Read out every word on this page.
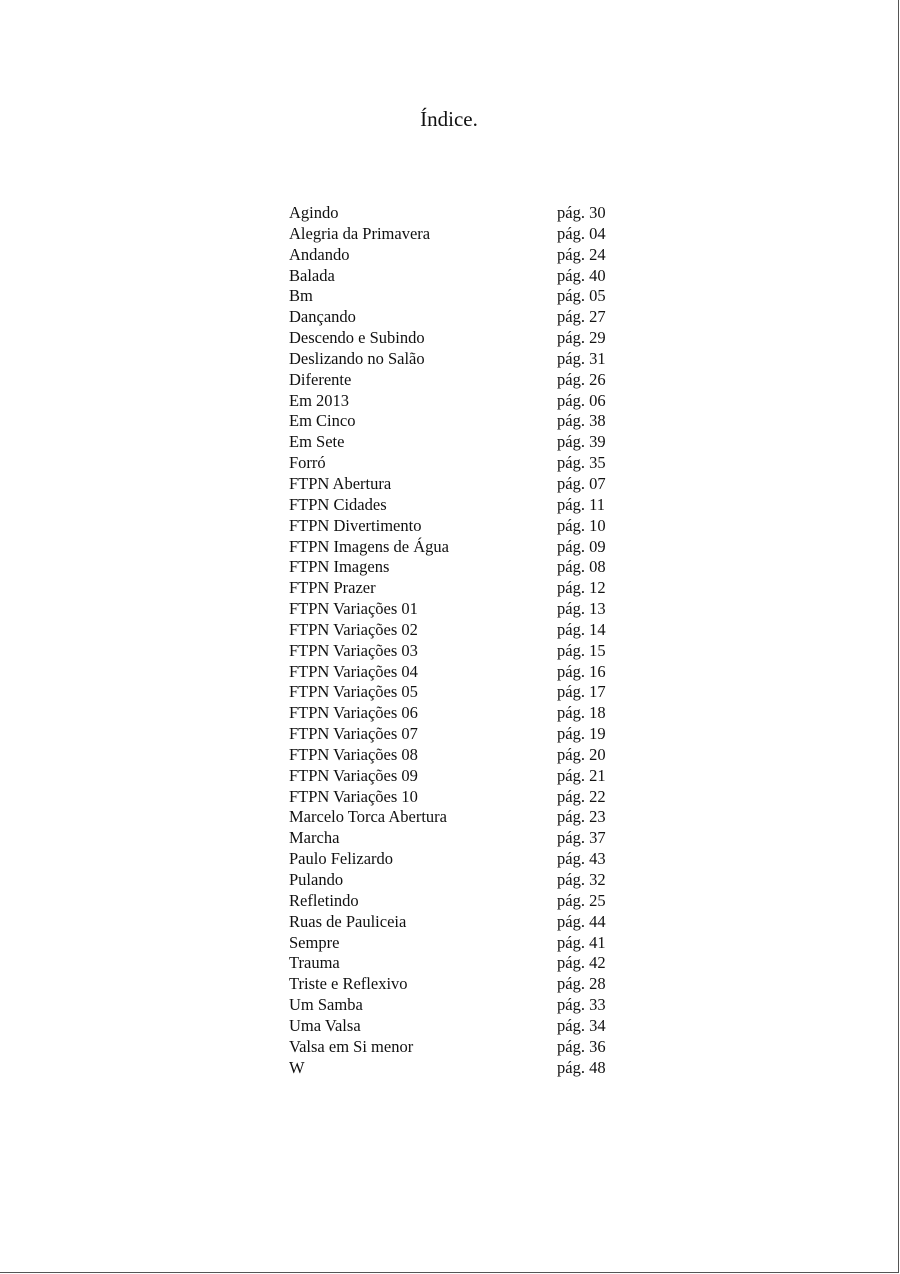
Índice.
Agindo	pág. 30
Alegria da Primavera	pág. 04
Andando	pág. 24
Balada	pág. 40
Bm	pág. 05
Dançando	pág. 27
Descendo e Subindo	pág. 29
Deslizando no Salão	pág. 31
Diferente	pág. 26
Em 2013	pág. 06
Em Cinco	pág. 38
Em Sete	pág. 39
Forró	pág. 35
FTPN Abertura	pág. 07
FTPN Cidades	pág. 11
FTPN Divertimento	pág. 10
FTPN Imagens de Água	pág. 09
FTPN Imagens	pág. 08
FTPN Prazer	pág. 12
FTPN Variações 01	pág. 13
FTPN Variações 02	pág. 14
FTPN Variações 03	pág. 15
FTPN Variações 04	pág. 16
FTPN Variações 05	pág. 17
FTPN Variações 06	pág. 18
FTPN Variações 07	pág. 19
FTPN Variações 08	pág. 20
FTPN Variações 09	pág. 21
FTPN Variações 10	pág. 22
Marcelo Torca Abertura	pág. 23
Marcha	pág. 37
Paulo Felizardo	pág. 43
Pulando	pág. 32
Refletindo	pág. 25
Ruas de Pauliceia	pág. 44
Sempre	pág. 41
Trauma	pág. 42
Triste e Reflexivo	pág. 28
Um Samba	pág. 33
Uma Valsa	pág. 34
Valsa em Si menor	pág. 36
W	pág. 48
